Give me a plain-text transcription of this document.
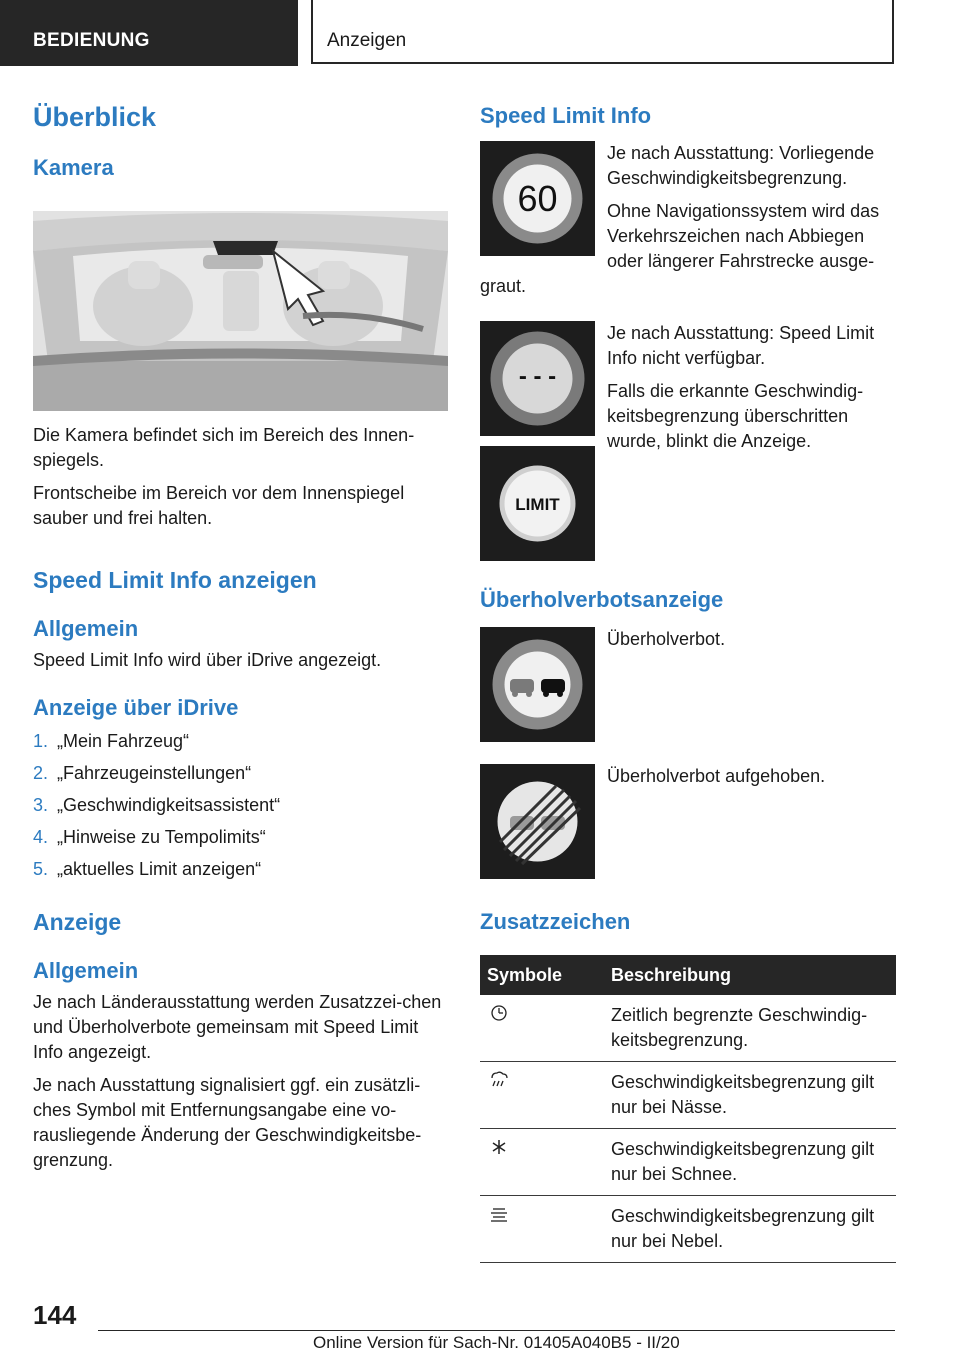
BEDIENUNG	Anzeigen
Überblick
Kamera

Die Kamera befindet sich im Bereich des Innen-spiegels.

Frontscheibe im Bereich vor dem Innenspiegel sauber und frei halten.

Speed Limit Info anzeigen
Allgemein

Speed Limit Info wird über iDrive angezeigt.

Anzeige über iDrive
1. „Mein Fahrzeug“
2. „Fahrzeugeinstellungen“
3. „Geschwindigkeitsassistent“
4. „Hinweise zu Tempolimits“
5. „aktuelles Limit anzeigen“
Anzeige
Allgemein

Je nach Länderausstattung werden Zusatzzei-chen und Überholverbote gemeinsam mit Speed Limit Info angezeigt.

Je nach Ausstattung signalisiert ggf. ein zusätzli-ches Symbol mit Entfernungsangabe eine vo-rausliegende Änderung der Geschwindigkeitsbe-grenzung.

Speed Limit Info
60

Je nach Ausstattung: Vorliegende Geschwindigkeitsbegrenzung.

Ohne Navigationssystem wird das Verkehrszeichen nach Abbiegen oder längerer Fahrstrecke ausge-graut.

- - -
LIMIT

Je nach Ausstattung: Speed Limit Info nicht verfügbar.

Falls die erkannte Geschwindig-keitsbegrenzung überschritten wurde, blinkt die Anzeige.

Überholverbotsanzeige

Überholverbot.

Überholverbot aufgehoben.

Zusatzzeichen
Symbole	Beschreibung
	Zeitlich begrenzte Geschwindig-keitsbegrenzung.
	Geschwindigkeitsbegrenzung gilt nur bei Nässe.
	Geschwindigkeitsbegrenzung gilt nur bei Schnee.
	Geschwindigkeitsbegrenzung gilt nur bei Nebel.
144
Online Version für Sach-Nr. 01405A040B5 - II/20
